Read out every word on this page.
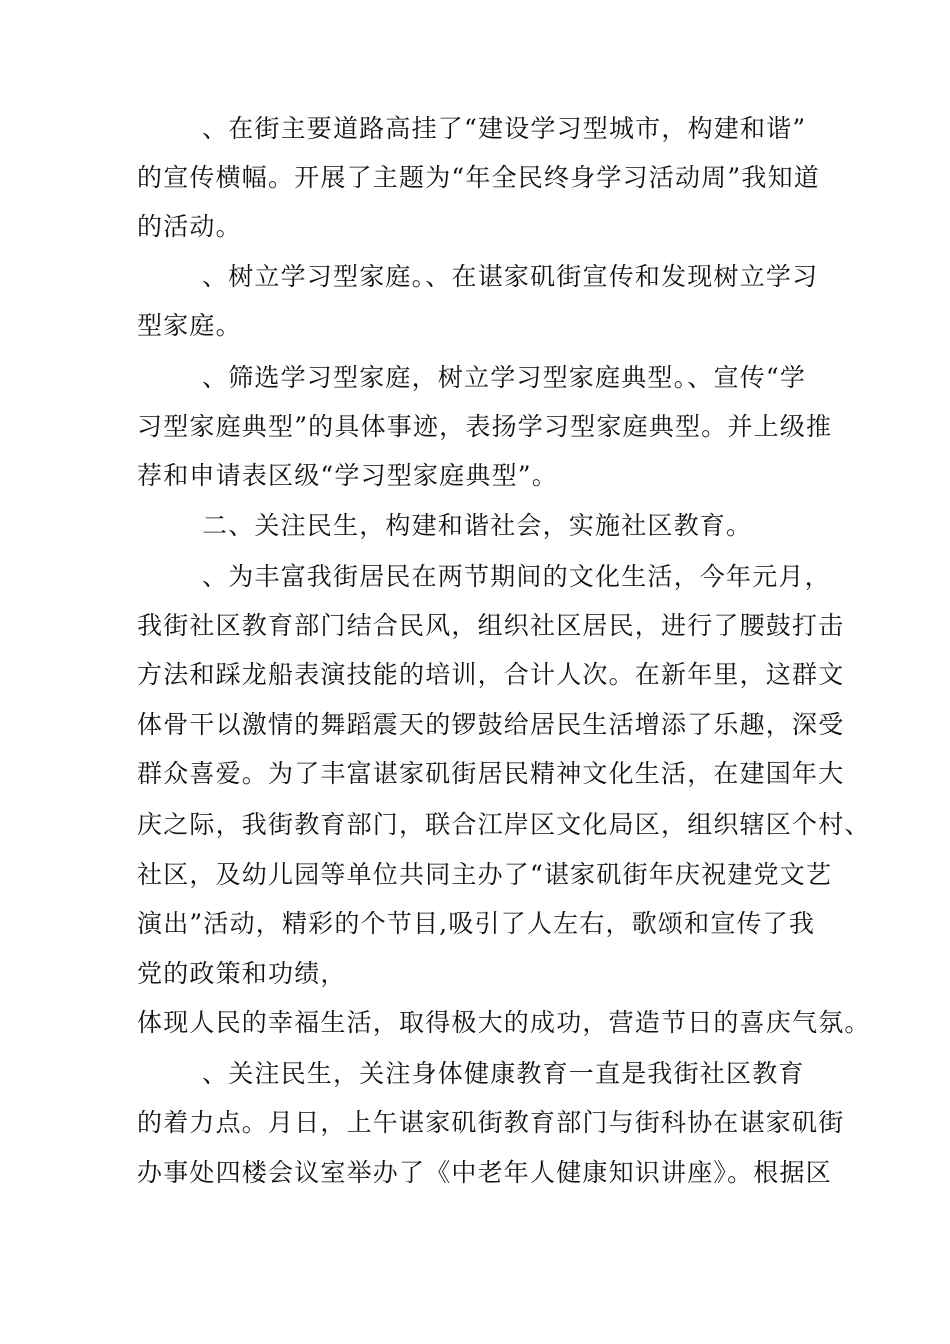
、在街主要道路高挂了“建设学习型城市，构建和谐”
的宣传横幅。开展了主题为“年全民终身学习活动周”我知道
的活动。
、树立学习型家庭。、在谌家矶街宣传和发现树立学习
型家庭。
、筛选学习型家庭，树立学习型家庭典型。、宣传“学
习型家庭典型”的具体事迹，表扬学习型家庭典型。并上级推
荐和申请表区级“学习型家庭典型”。
二、关注民生，构建和谐社会，实施社区教育。
、为丰富我街居民在两节期间的文化生活，今年元月，
我街社区教育部门结合民风，组织社区居民，进行了腰鼓打击
方法和踩龙船表演技能的培训，合计人次。在新年里，这群文
体骨干以激情的舞蹈震天的锣鼓给居民生活增添了乐趣，深受
群众喜爱。为了丰富谌家矶街居民精神文化生活，在建国年大
庆之际，我街教育部门，联合江岸区文化局区，组织辖区个村、
社区，及幼儿园等单位共同主办了“谌家矶街年庆祝建党文艺
演出”活动，精彩的个节目,吸引了人左右，歌颂和宣传了我
党的政策和功绩，
体现人民的幸福生活，取得极大的成功，营造节日的喜庆气氛。
、关注民生，关注身体健康教育一直是我街社区教育
的着力点。月日，上午谌家矶街教育部门与街科协在谌家矶街
办事处四楼会议室举办了《中老年人健康知识讲座》。根据区
